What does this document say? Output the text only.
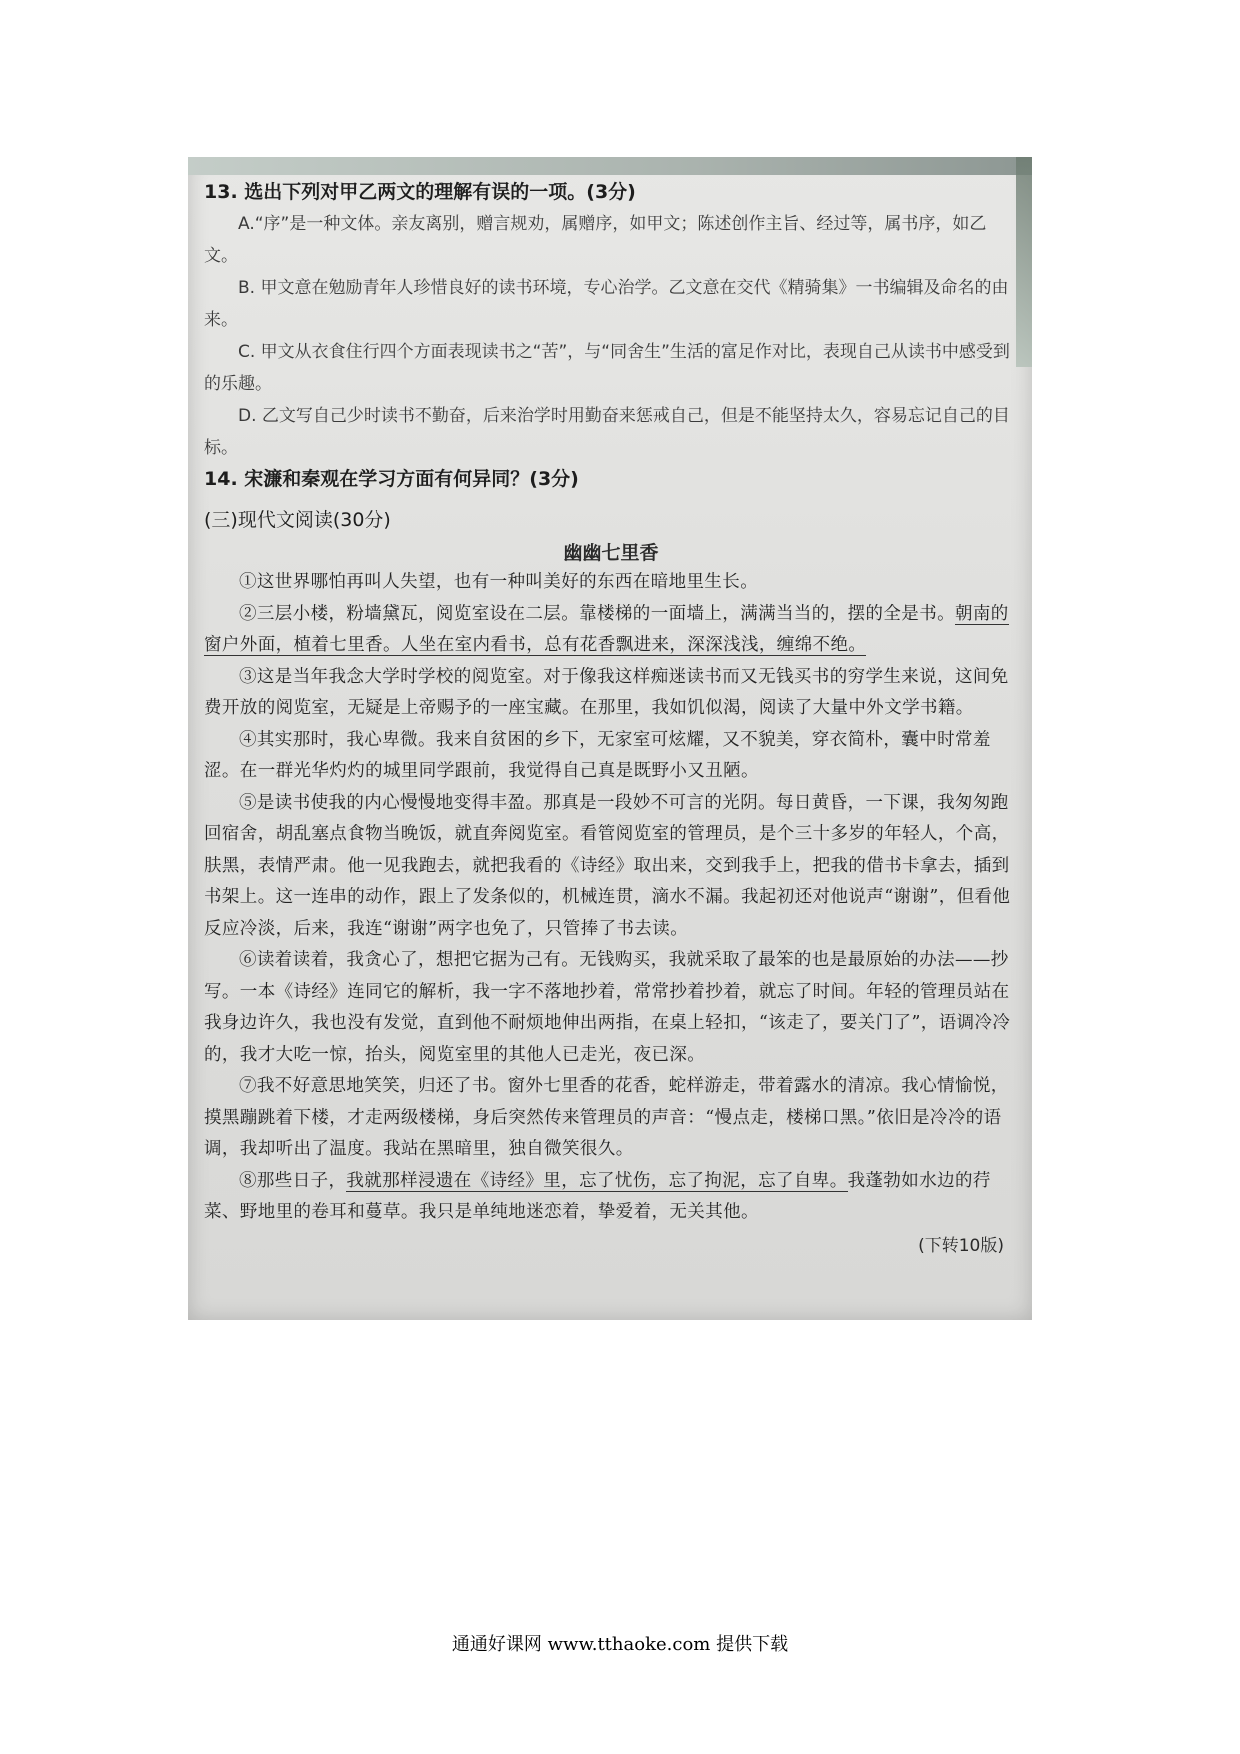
13. 选出下列对甲乙两文的理解有误的一项。(3分)

A.“序”是一种文体。亲友离别，赠言规劝，属赠序，如甲文；陈述创作主旨、经过等，属书序，如乙文。

B. 甲文意在勉励青年人珍惜良好的读书环境，专心治学。乙文意在交代《精骑集》一书编辑及命名的由来。

C. 甲文从衣食住行四个方面表现读书之“苦”，与“同舍生”生活的富足作对比，表现自己从读书中感受到的乐趣。

D. 乙文写自己少时读书不勤奋，后来治学时用勤奋来惩戒自己，但是不能坚持太久，容易忘记自己的目标。

14. 宋濂和秦观在学习方面有何异同？(3分)
(三)现代文阅读(30分)
幽幽七里香

①这世界哪怕再叫人失望，也有一种叫美好的东西在暗地里生长。

②三层小楼，粉墙黛瓦，阅览室设在二层。靠楼梯的一面墙上，满满当当的，摆的全是书。朝南的窗户外面，植着七里香。人坐在室内看书，总有花香飘进来，深深浅浅，缠绵不绝。

③这是当年我念大学时学校的阅览室。对于像我这样痴迷读书而又无钱买书的穷学生来说，这间免费开放的阅览室，无疑是上帝赐予的一座宝藏。在那里，我如饥似渴，阅读了大量中外文学书籍。

④其实那时，我心卑微。我来自贫困的乡下，无家室可炫耀，又不貌美，穿衣简朴，囊中时常羞涩。在一群光华灼灼的城里同学跟前，我觉得自己真是既野小又丑陋。

⑤是读书使我的内心慢慢地变得丰盈。那真是一段妙不可言的光阴。每日黄昏，一下课，我匆匆跑回宿舍，胡乱塞点食物当晚饭，就直奔阅览室。看管阅览室的管理员，是个三十多岁的年轻人，个高，肤黑，表情严肃。他一见我跑去，就把我看的《诗经》取出来，交到我手上，把我的借书卡拿去，插到书架上。这一连串的动作，跟上了发条似的，机械连贯，滴水不漏。我起初还对他说声“谢谢”，但看他反应冷淡，后来，我连“谢谢”两字也免了，只管捧了书去读。

⑥读着读着，我贪心了，想把它据为己有。无钱购买，我就采取了最笨的也是最原始的办法——抄写。一本《诗经》连同它的解析，我一字不落地抄着，常常抄着抄着，就忘了时间。年轻的管理员站在我身边许久，我也没有发觉，直到他不耐烦地伸出两指，在桌上轻扣，“该走了，要关门了”，语调冷冷的，我才大吃一惊，抬头，阅览室里的其他人已走光，夜已深。

⑦我不好意思地笑笑，归还了书。窗外七里香的花香，蛇样游走，带着露水的清凉。我心情愉悦，摸黑蹦跳着下楼，才走两级楼梯，身后突然传来管理员的声音：“慢点走，楼梯口黑。”依旧是冷冷的语调，我却听出了温度。我站在黑暗里，独自微笑很久。

⑧那些日子，我就那样浸遗在《诗经》里，忘了忧伤，忘了拘泥，忘了自卑。我蓬勃如水边的荇菜、野地里的卷耳和蔓草。我只是单纯地迷恋着，挚爱着，无关其他。

(下转10版)
通通好课网 www.tthaoke.com 提供下载
